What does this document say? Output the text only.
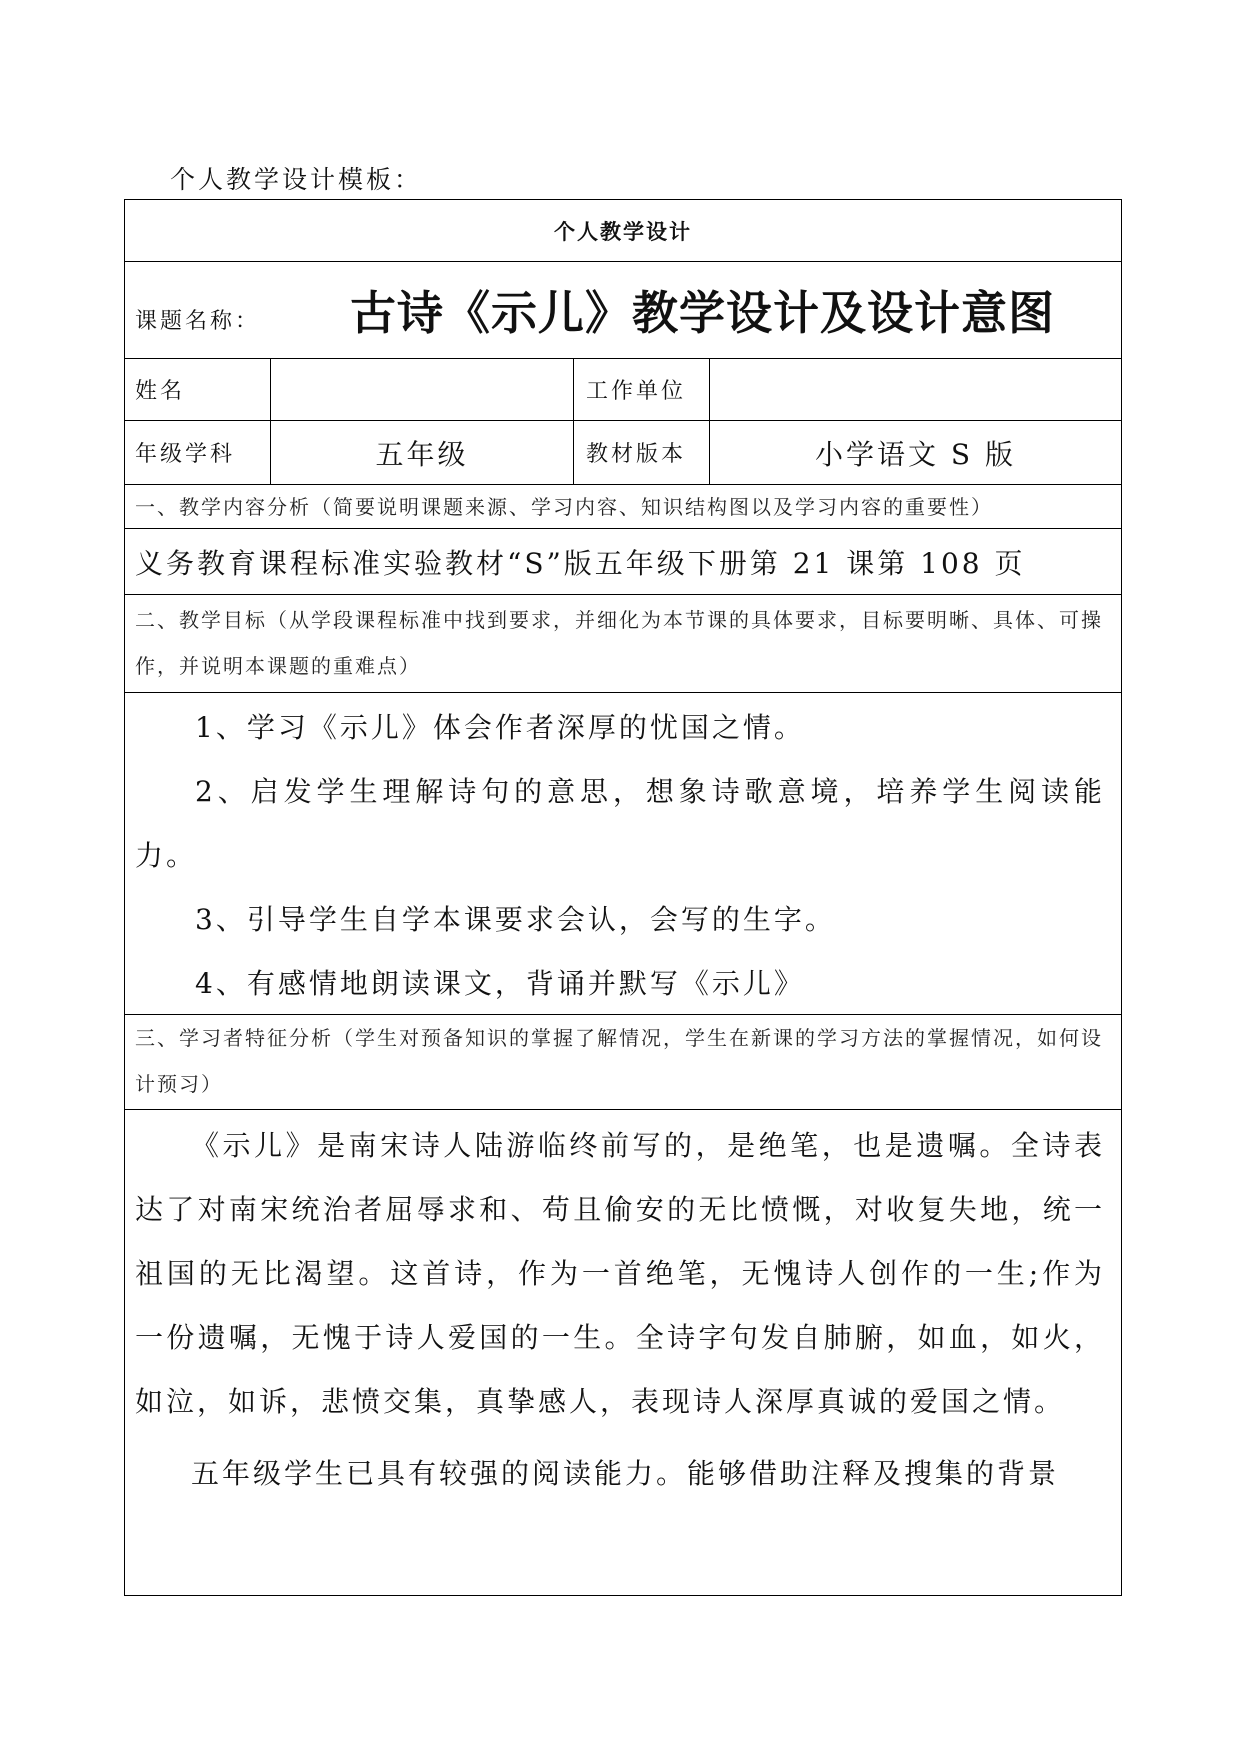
个人教学设计模板：
个人教学设计
课题名称：	古诗《示儿》教学设计及设计意图
姓名	工作单位
年级学科	五年级	教材版本	小学语文 S 版
一、教学内容分析（简要说明课题来源、学习内容、知识结构图以及学习内容的重要性）
义务教育课程标准实验教材“S”版五年级下册第 21 课第 108 页
二、教学目标（从学段课程标准中找到要求，并细化为本节课的具体要求，目标要明晰、具体、可操作，并说明本课题的重难点）
1、学习《示儿》体会作者深厚的忧国之情。
2、启发学生理解诗句的意思，想象诗歌意境，培养学生阅读能力。
3、引导学生自学本课要求会认，会写的生字。
4、有感情地朗读课文，背诵并默写《示儿》
三、学习者特征分析（学生对预备知识的掌握了解情况，学生在新课的学习方法的掌握情况，如何设计预习）
《示儿》是南宋诗人陆游临终前写的，是绝笔，也是遗嘱。全诗表达了对南宋统治者屈辱求和、苟且偷安的无比愤慨，对收复失地，统一祖国的无比渴望。这首诗，作为一首绝笔，无愧诗人创作的一生;作为一份遗嘱，无愧于诗人爱国的一生。全诗字句发自肺腑，如血，如火，如泣，如诉，悲愤交集，真挚感人，表现诗人深厚真诚的爱国之情。
五年级学生已具有较强的阅读能力。能够借助注释及搜集的背景
